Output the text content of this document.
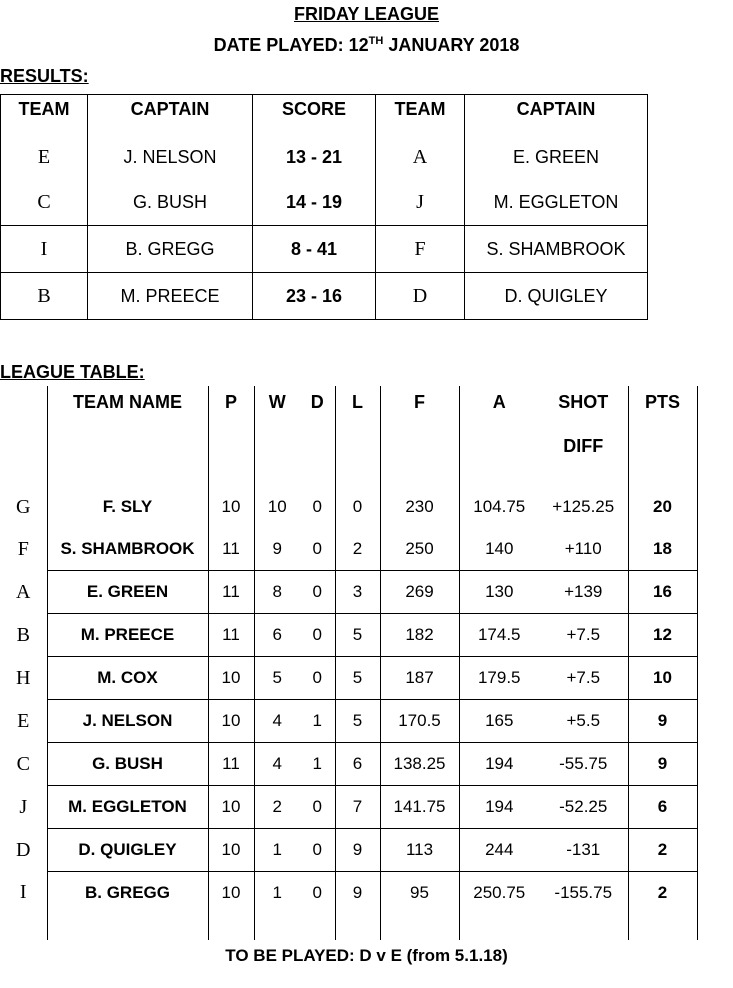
FRIDAY LEAGUE
DATE PLAYED: 12TH JANUARY 2018
RESULTS:
TEAM	CAPTAIN	SCORE	TEAM	CAPTAIN
E	J. NELSON	13 - 21	A	E. GREEN
C	G. BUSH	14 - 19	J	M. EGGLETON
I	B. GREGG	8 - 41	F	S. SHAMBROOK
B	M. PREECE	23 - 16	D	D. QUIGLEY
LEAGUE TABLE:
	TEAM NAME	P	W	D	L	F	A	SHOT	PTS
								DIFF	
G	F. SLY	10	10	0	0	230	104.75	+125.25	20
F	S. SHAMBROOK	11	9	0	2	250	140	+110	18
A	E. GREEN	11	8	0	3	269	130	+139	16
B	M. PREECE	11	6	0	5	182	174.5	+7.5	12
H	M. COX	10	5	0	5	187	179.5	+7.5	10
E	J. NELSON	10	4	1	5	170.5	165	+5.5	9
C	G. BUSH	11	4	1	6	138.25	194	-55.75	9
J	M. EGGLETON	10	2	0	7	141.75	194	-52.25	6
D	D. QUIGLEY	10	1	0	9	113	244	-131	2
I	B. GREGG	10	1	0	9	95	250.75	-155.75	2

TO BE PLAYED: D v E (from 5.1.18)
